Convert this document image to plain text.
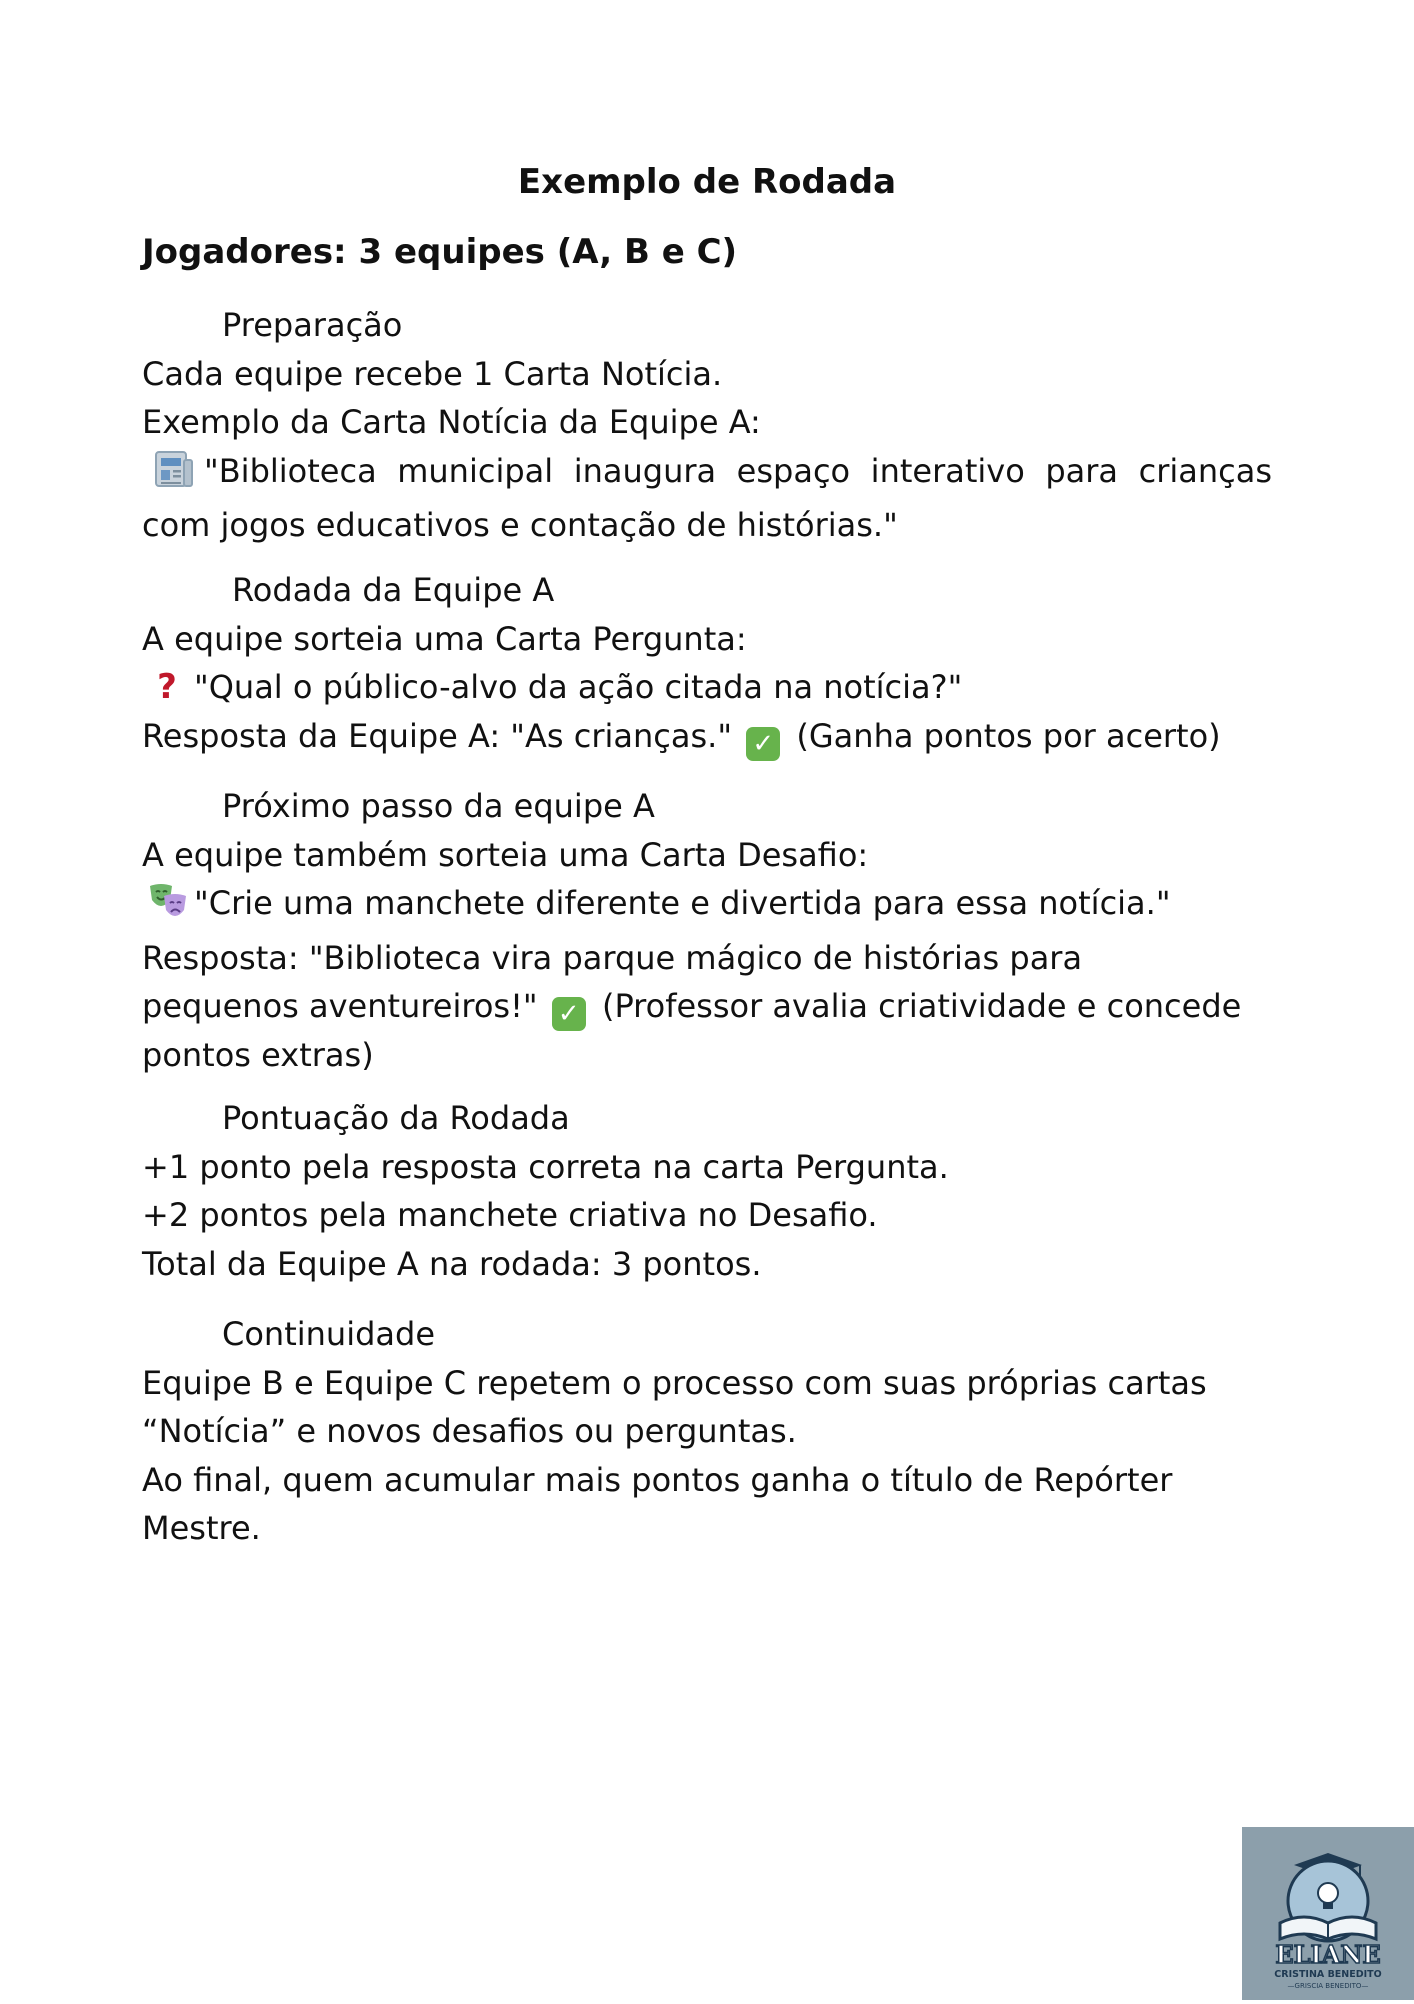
Exemplo de Rodada
Jogadores: 3 equipes (A, B e C)
Preparação
Cada equipe recebe 1 Carta Notícia.
Exemplo da Carta Notícia da Equipe A:
"Biblioteca municipal inaugura espaço interativo para crianças com jogos educativos e contação de histórias."
Rodada da Equipe A
A equipe sorteia uma Carta Pergunta:
? "Qual o público-alvo da ação citada na notícia?"
Resposta da Equipe A: "As crianças." ✓ (Ganha pontos por acerto)
Próximo passo da equipe A
A equipe também sorteia uma Carta Desafio:
"Crie uma manchete diferente e divertida para essa notícia."
Resposta: "Biblioteca vira parque mágico de histórias para
pequenos aventureiros!" ✓ (Professor avalia criatividade e concede
pontos extras)
Pontuação da Rodada
+1 ponto pela resposta correta na carta Pergunta.
+2 pontos pela manchete criativa no Desafio.
Total da Equipe A na rodada: 3 pontos.
Continuidade
Equipe B e Equipe C repetem o processo com suas próprias cartas
“Notícia” e novos desafios ou perguntas.
Ao final, quem acumular mais pontos ganha o título de Repórter
Mestre.
ELIANE
CRISTINA BENEDITO
—GRISCIA BENEDITO—
